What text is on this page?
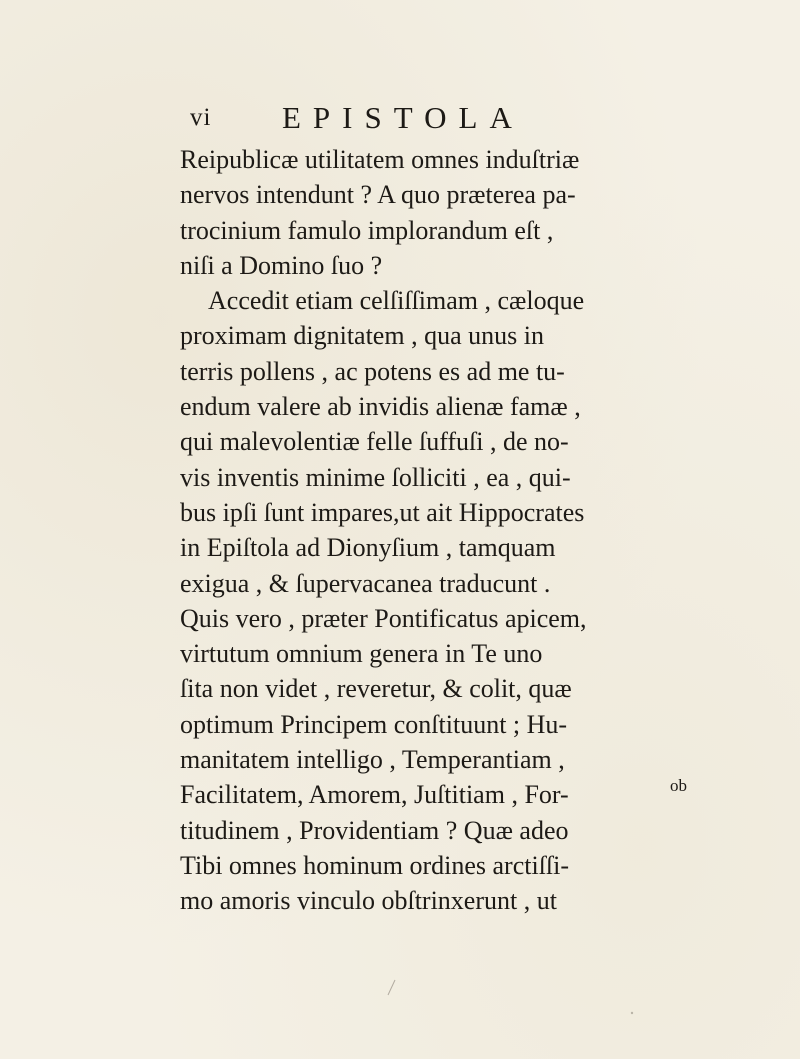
vi EPISTOLA
Reipublicæ utilitatem omnes induſtriæ
nervos intendunt ? A quo præterea pa-
trocinium famulo implorandum eſt ,
niſi a Domino ſuo ?
Accedit etiam celſiſſimam , cæloque
proximam dignitatem , qua unus in
terris pollens , ac potens es ad me tu-
endum valere ab invidis alienæ famæ ,
qui malevolentiæ felle ſuffuſi , de no-
vis inventis minime ſolliciti , ea , qui-
bus ipſi ſunt impares,ut ait Hippocrates
in Epiſtola ad Dionyſium , tamquam
exigua , & ſupervacanea traducunt .
Quis vero , præter Pontificatus apicem,
virtutum omnium genera in Te uno
ſita non videt , reveretur, & colit, quæ
optimum Principem conſtituunt ; Hu-
manitatem intelligo , Temperantiam ,
Facilitatem, Amorem, Juſtitiam , For-
titudinem , Providentiam ? Quæ adeo
Tibi omnes hominum ordines arctiſſi-
mo amoris vinculo obſtrinxerunt , ut
ob
